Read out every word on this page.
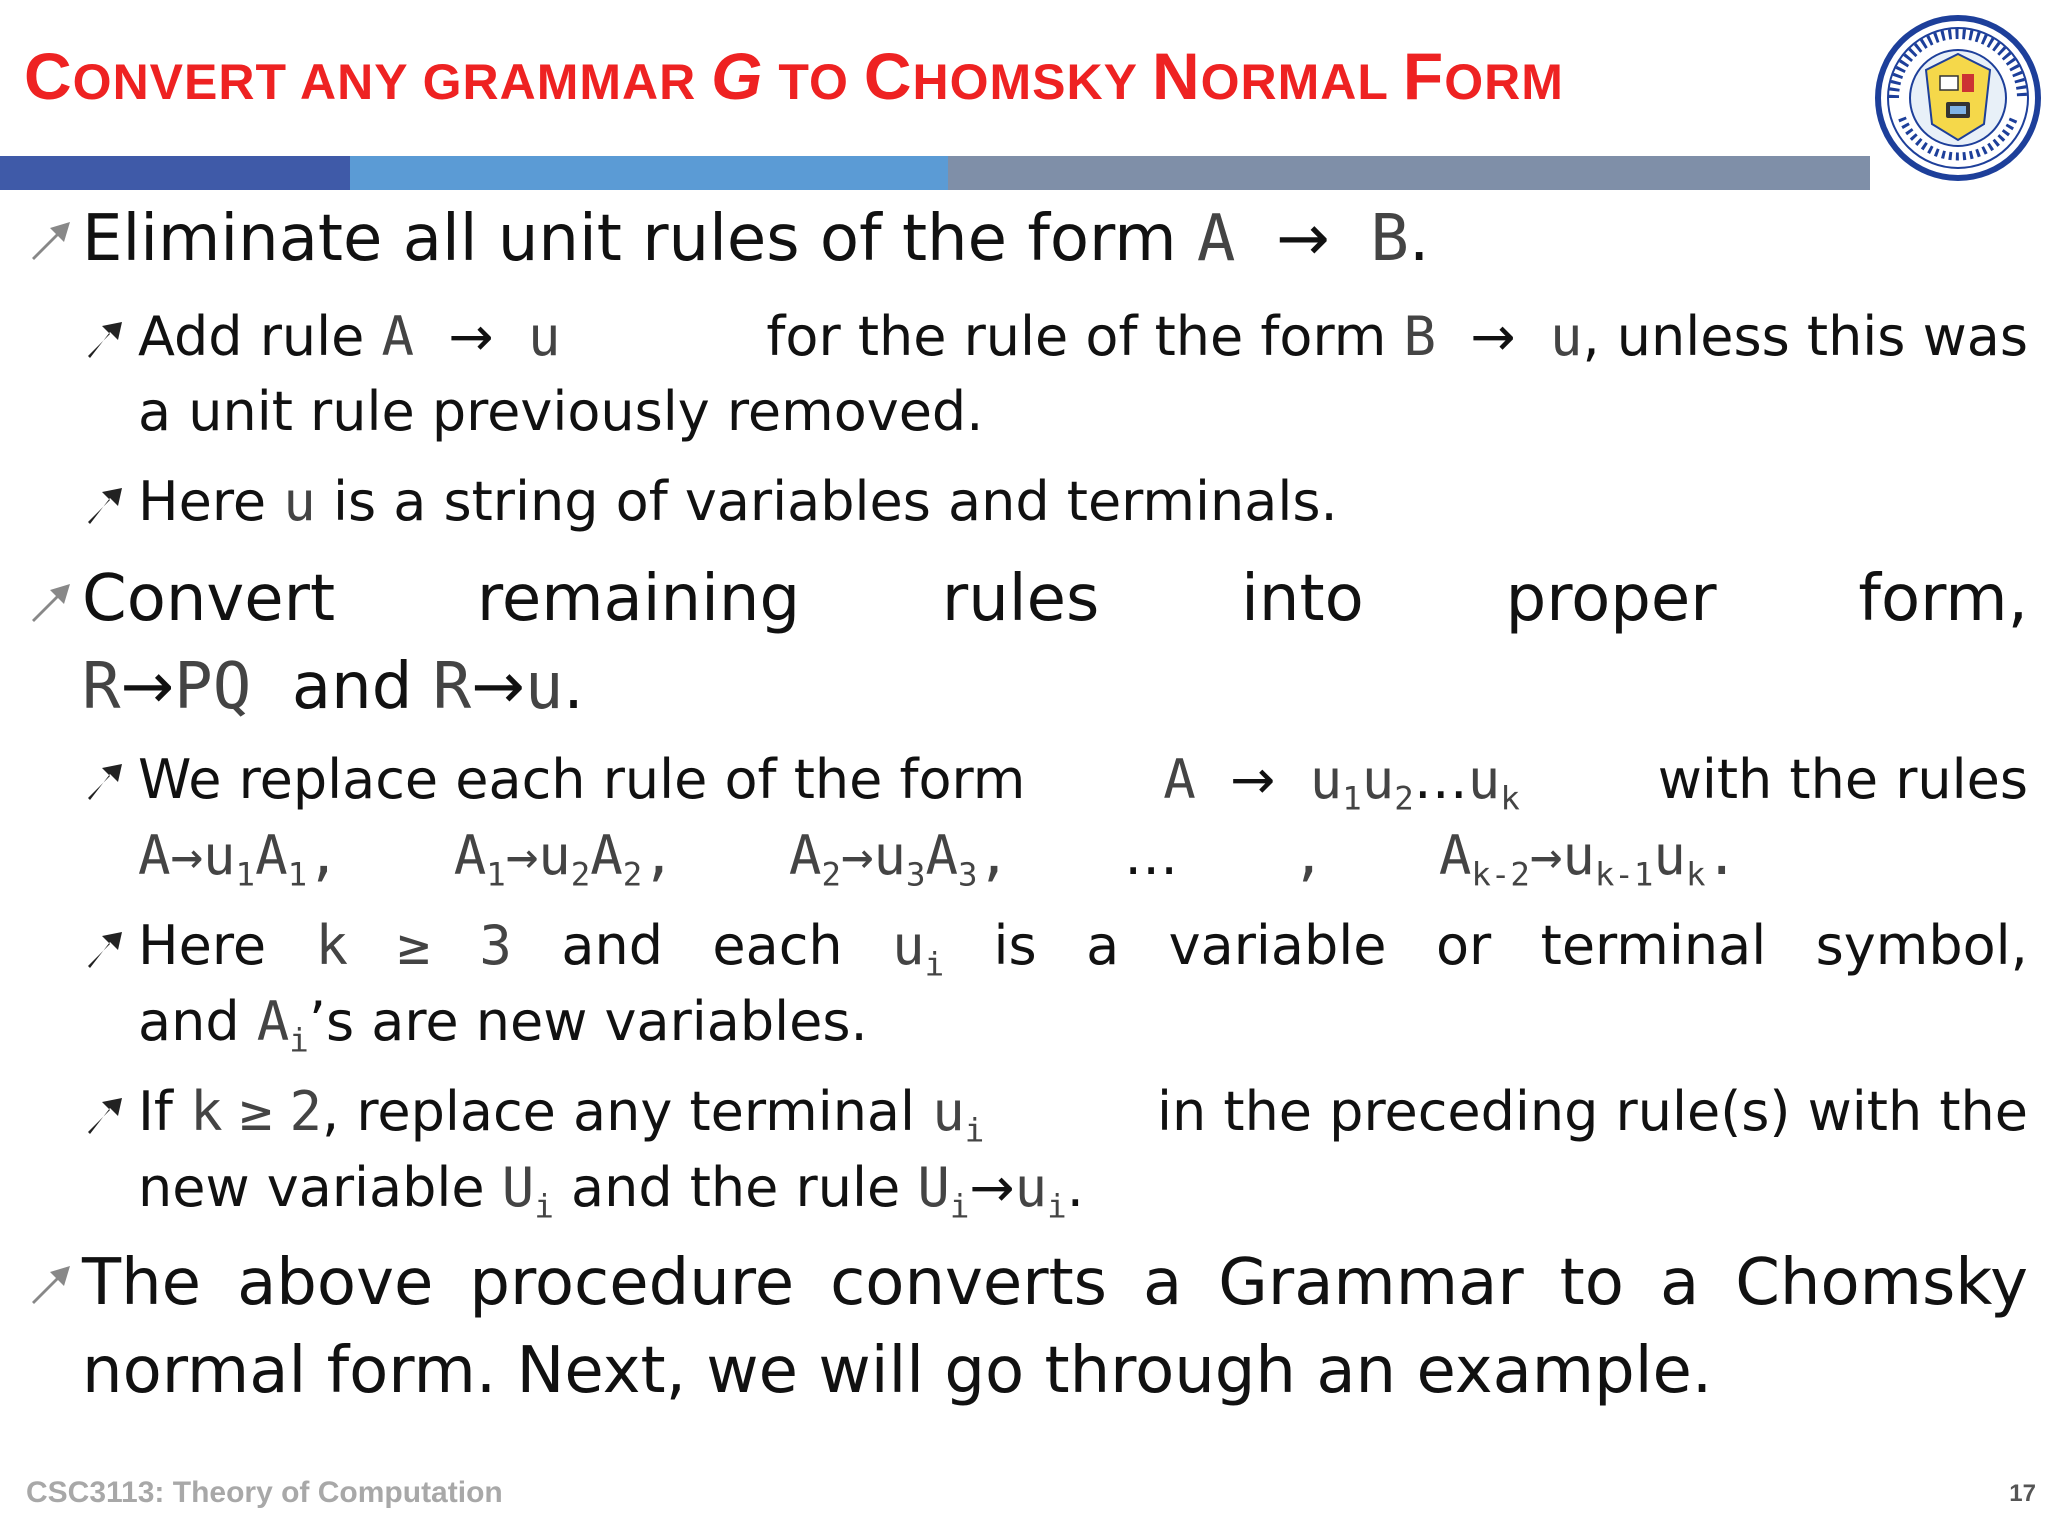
CONVERT ANY GRAMMAR G TO CHOMSKY NORMAL FORM
Eliminate all unit rules of the form A → B.
Add rule A → u	for the rule of the form B → u, unless this was
a unit rule previously removed.
Here u is a string of variables and terminals.
Convert remaining rules into proper form,
R→PQ and R→u.
We replace each rule of the form	$A \to u_1u_2\dots u_k$	with the rules
$A\to u_1A_1$, $A_1\to u_2A_2$, $A_2\to u_3A_3$, … , $A_{k-2}\to u_{k-1}u_k$.
Here k ≥ 3 and each $u_i$ is a variable or terminal symbol,
and $A_i’s$ are new variables.
If k ≥ 2, replace any terminal $u_i$	in the preceding rule(s) with the
new variable $U_i$ and the rule $U_i\to u_i$.
The above procedure converts a Grammar to a Chomsky
normal form. Next, we will go through an example.
CSC3113: Theory of Computation	17
